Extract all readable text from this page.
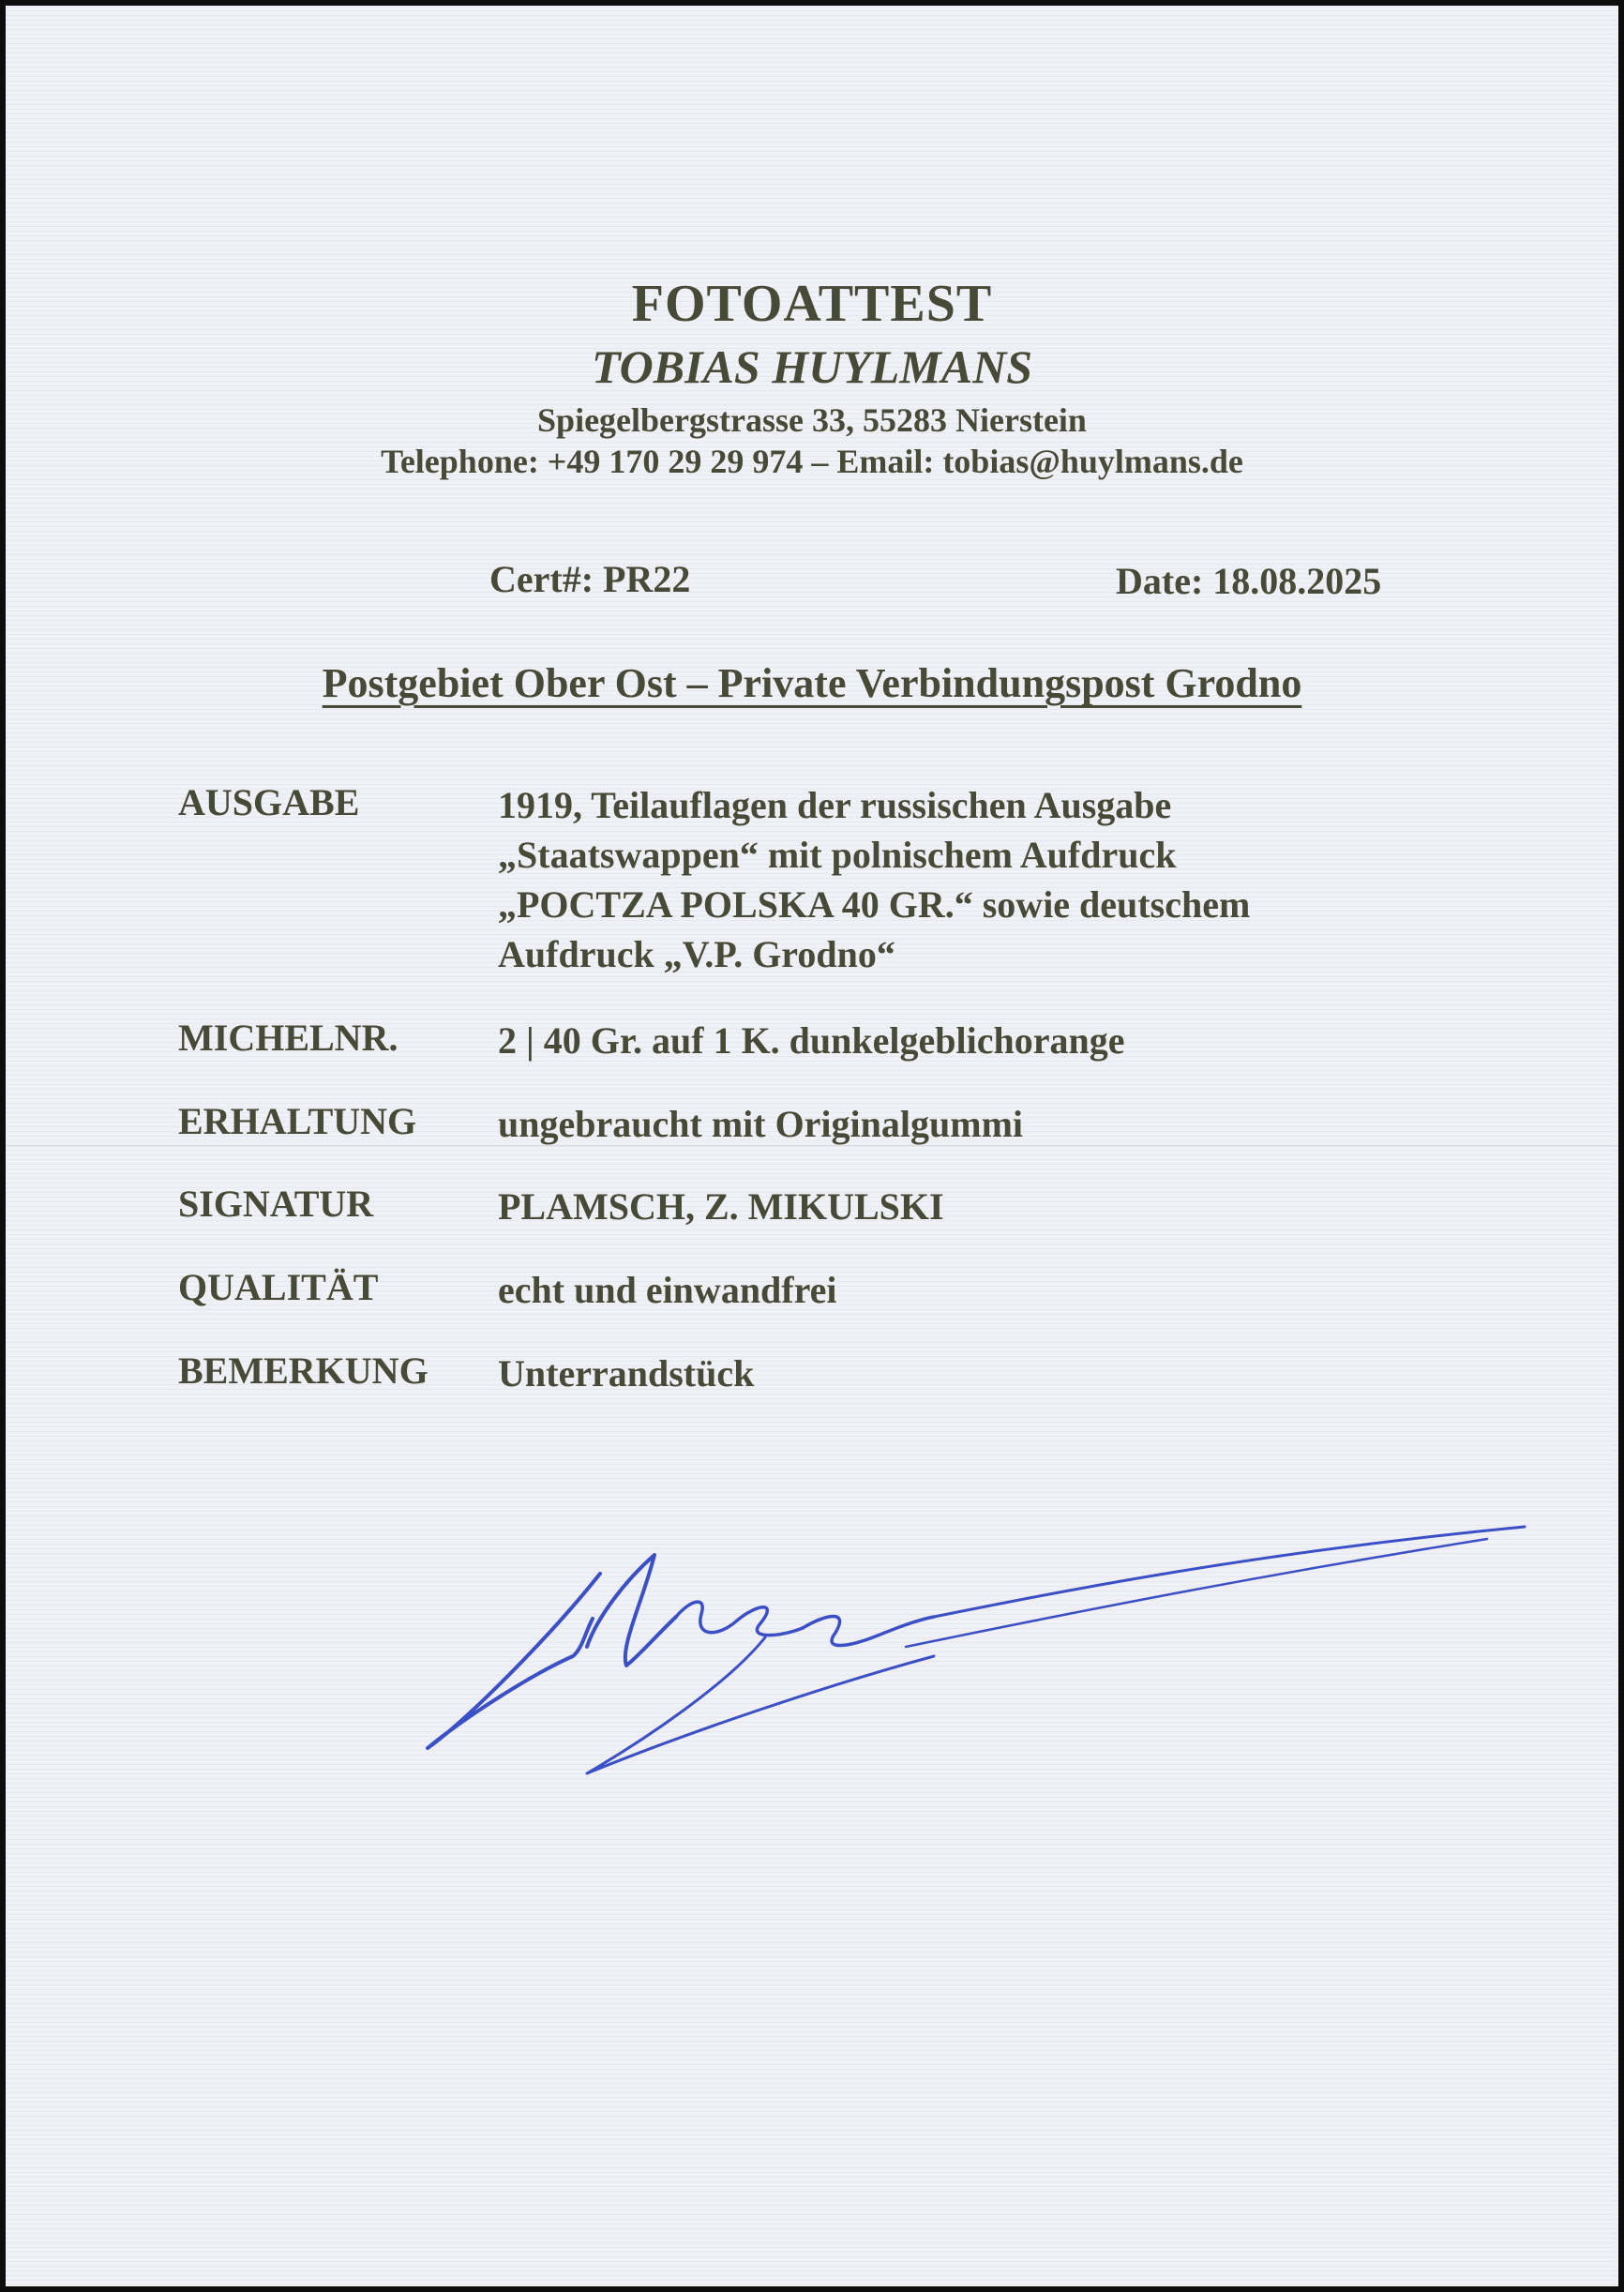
FOTOATTEST
TOBIAS HUYLMANS
Spiegelbergstrasse 33, 55283 Nierstein
Telephone: +49 170 29 29 974 – Email: tobias@huylmans.de
Cert#: PR22	Date: 18.08.2025
Postgebiet Ober Ost – Private Verbindungspost Grodno
AUSGABE	1919, Teilauflagen der russischen Ausgabe
„Staatswappen“ mit polnischem Aufdruck
„POCTZA POLSKA 40 GR.“ sowie deutschem
Aufdruck „V.P. Grodno“
MICHELNR.	2 | 40 Gr. auf 1 K. dunkelgeblichorange
ERHALTUNG ungebraucht mit Originalgummi
SIGNATUR	PLAMSCH, Z. MIKULSKI
QUALITÄT	echt und einwandfrei
BEMERKUNG Unterrandstück
